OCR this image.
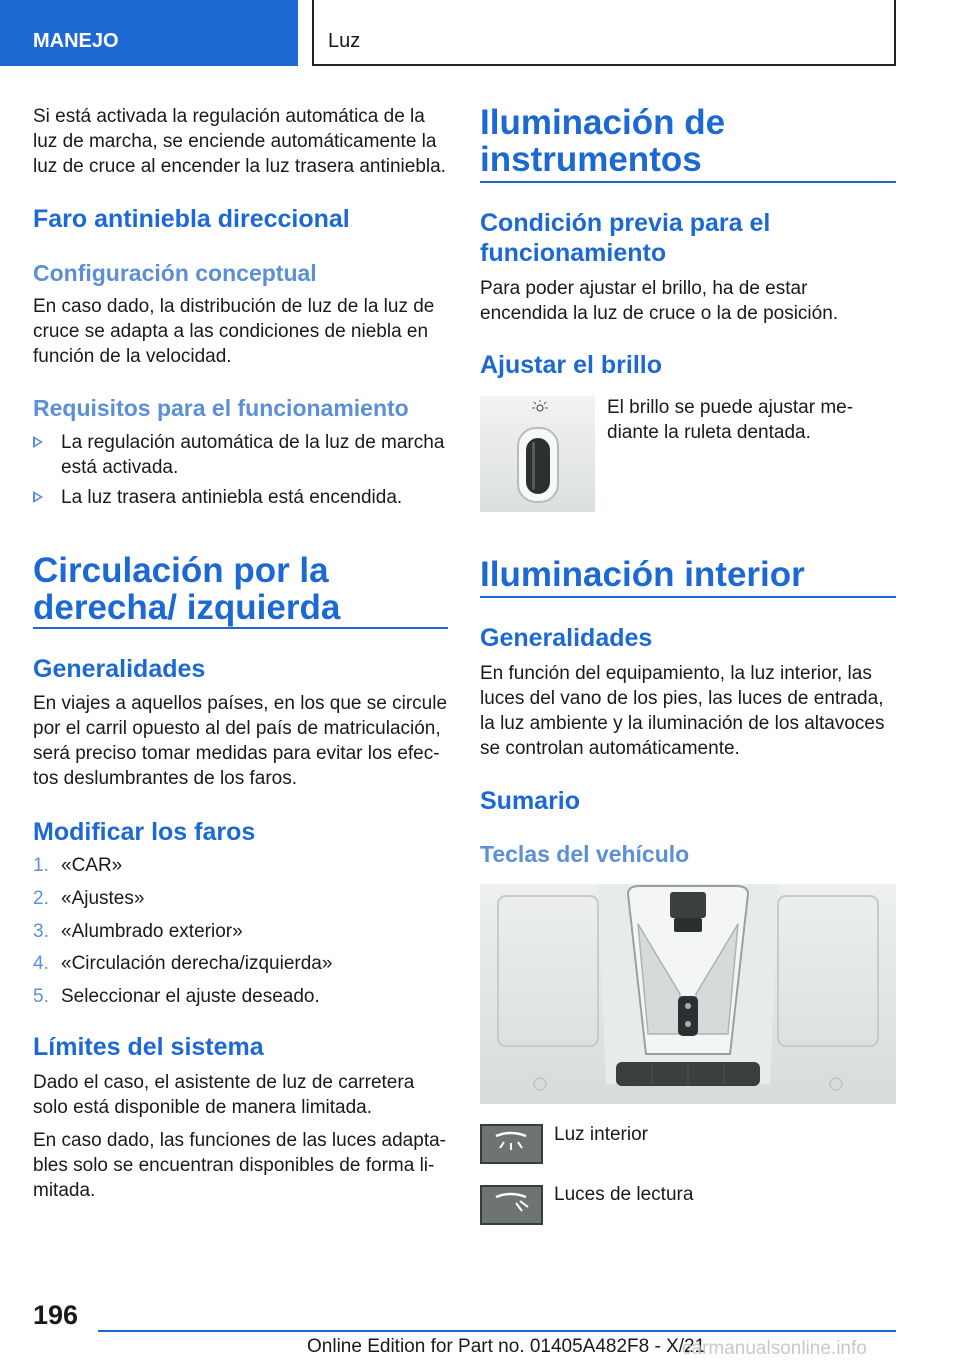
MANEJO	Luz

Si está activada la regulación automática de la luz de marcha, se enciende automáticamente la luz de cruce al encender la luz trasera antiniebla.

Faro antiniebla direccional
Configuración conceptual

En caso dado, la distribución de luz de la luz de cruce se adapta a las condiciones de niebla en función de la velocidad.

Requisitos para el funcionamiento
La regulación automática de la luz de marcha está activada.
La luz trasera antiniebla está encendida.
Circulación por la derecha/ izquierda
Generalidades

En viajes a aquellos países, en los que se circule por el carril opuesto al del país de matriculación, será preciso tomar medidas para evitar los efectos deslumbrantes de los faros.

Modificar los faros
1. «CAR»
2. «Ajustes»
3. «Alumbrado exterior»
4. «Circulación derecha/izquierda»
5. Seleccionar el ajuste deseado.
Límites del sistema

Dado el caso, el asistente de luz de carretera solo está disponible de manera limitada.

En caso dado, las funciones de las luces adaptables solo se encuentran disponibles de forma limitada.

Iluminación de instrumentos
Condición previa para el funcionamiento

Para poder ajustar el brillo, ha de estar encendida la luz de cruce o la de posición.

Ajustar el brillo

El brillo se puede ajustar mediante la ruleta dentada.

Iluminación interior
Generalidades

En función del equipamiento, la luz interior, las luces del vano de los pies, las luces de entrada, la luz ambiente y la iluminación de los altavoces se controlan automáticamente.

Sumario
Teclas del vehículo
Luz interior
Luces de lectura
196
Online Edition for Part no. 01405A482F8 - X/21
carmanualsonline.info
